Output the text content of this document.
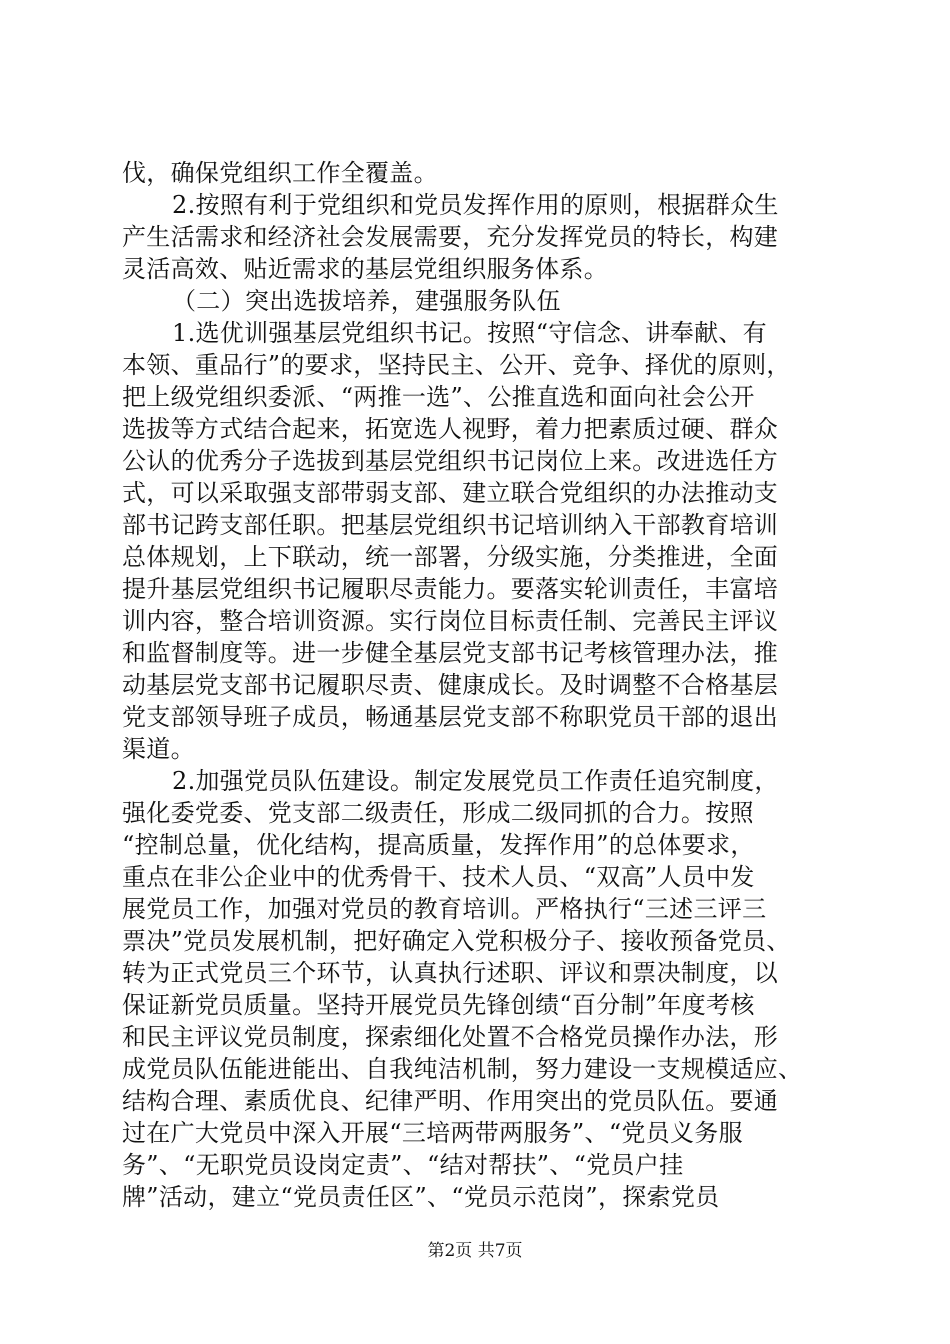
伐，确保党组织工作全覆盖。
2.按照有利于党组织和党员发挥作用的原则，根据群众生
产生活需求和经济社会发展需要，充分发挥党员的特长，构建
灵活高效、贴近需求的基层党组织服务体系。
（二）突出选拔培养，建强服务队伍
1.选优训强基层党组织书记。按照“守信念、讲奉献、有
本领、重品行”的要求，坚持民主、公开、竞争、择优的原则，
把上级党组织委派、“两推一选”、公推直选和面向社会公开
选拔等方式结合起来，拓宽选人视野，着力把素质过硬、群众
公认的优秀分子选拔到基层党组织书记岗位上来。改进选任方
式，可以采取强支部带弱支部、建立联合党组织的办法推动支
部书记跨支部任职。把基层党组织书记培训纳入干部教育培训
总体规划，上下联动，统一部署，分级实施，分类推进，全面
提升基层党组织书记履职尽责能力。要落实轮训责任，丰富培
训内容，整合培训资源。实行岗位目标责任制、完善民主评议
和监督制度等。进一步健全基层党支部书记考核管理办法，推
动基层党支部书记履职尽责、健康成长。及时调整不合格基层
党支部领导班子成员，畅通基层党支部不称职党员干部的退出
渠道。
2.加强党员队伍建设。制定发展党员工作责任追究制度，
强化委党委、党支部二级责任，形成二级同抓的合力。按照
“控制总量，优化结构，提高质量，发挥作用”的总体要求，
重点在非公企业中的优秀骨干、技术人员、“双高”人员中发
展党员工作，加强对党员的教育培训。严格执行“三述三评三
票决”党员发展机制，把好确定入党积极分子、接收预备党员、
转为正式党员三个环节，认真执行述职、评议和票决制度，以
保证新党员质量。坚持开展党员先锋创绩“百分制”年度考核
和民主评议党员制度，探索细化处置不合格党员操作办法，形
成党员队伍能进能出、自我纯洁机制，努力建设一支规模适应、
结构合理、素质优良、纪律严明、作用突出的党员队伍。要通
过在广大党员中深入开展“三培两带两服务”、“党员义务服
务”、“无职党员设岗定责”、“结对帮扶”、“党员户挂
牌”活动，建立“党员责任区”、“党员示范岗”，探索党员
第2页 共7页
